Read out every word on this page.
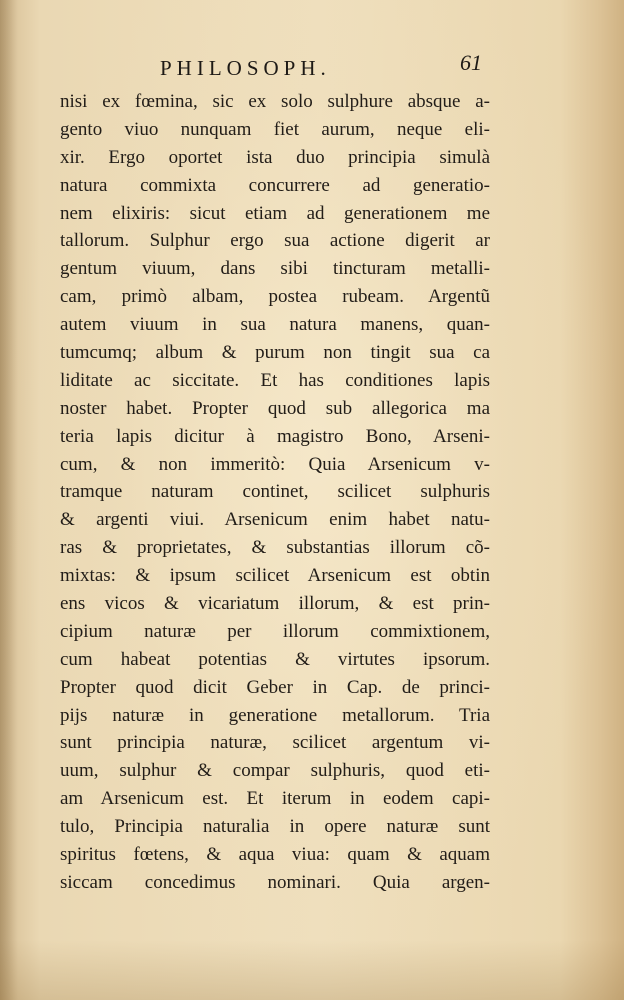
PHILOSOPH.	61
nisi ex fœmina, sic ex solo sulphure absque a-
gento viuo nunquam fiet aurum, neque eli-
xir. Ergo oportet ista duo principia simulà
natura commixta concurrere ad generatio-
nem elixiris: sicut etiam ad generationem me
tallorum. Sulphur ergo sua actione digerit ar
gentum viuum, dans sibi tincturam metalli-
cam, primò albam, postea rubeam. Argentũ
autem viuum in sua natura manens, quan-
tumcumq; album & purum non tingit sua ca
liditate ac siccitate. Et has conditiones lapis
noster habet. Propter quod sub allegorica ma
teria lapis dicitur à magistro Bono, Arseni-
cum, & non immeritò: Quia Arsenicum v-
tramque naturam continet, scilicet sulphuris
& argenti viui. Arsenicum enim habet natu-
ras & proprietates, & substantias illorum cõ-
mixtas: & ipsum scilicet Arsenicum est obtin
ens vicos & vicariatum illorum, & est prin-
cipium naturæ per illorum commixtionem,
cum habeat potentias & virtutes ipsorum.
Propter quod dicit Geber in Cap. de princi-
pijs naturæ in generatione metallorum. Tria
sunt principia naturæ, scilicet argentum vi-
uum, sulphur & compar sulphuris, quod eti-
am Arsenicum est. Et iterum in eodem capi-
tulo, Principia naturalia in opere naturæ sunt
spiritus fœtens, & aqua viua: quam & aquam
siccam concedimus nominari. Quia argen-
